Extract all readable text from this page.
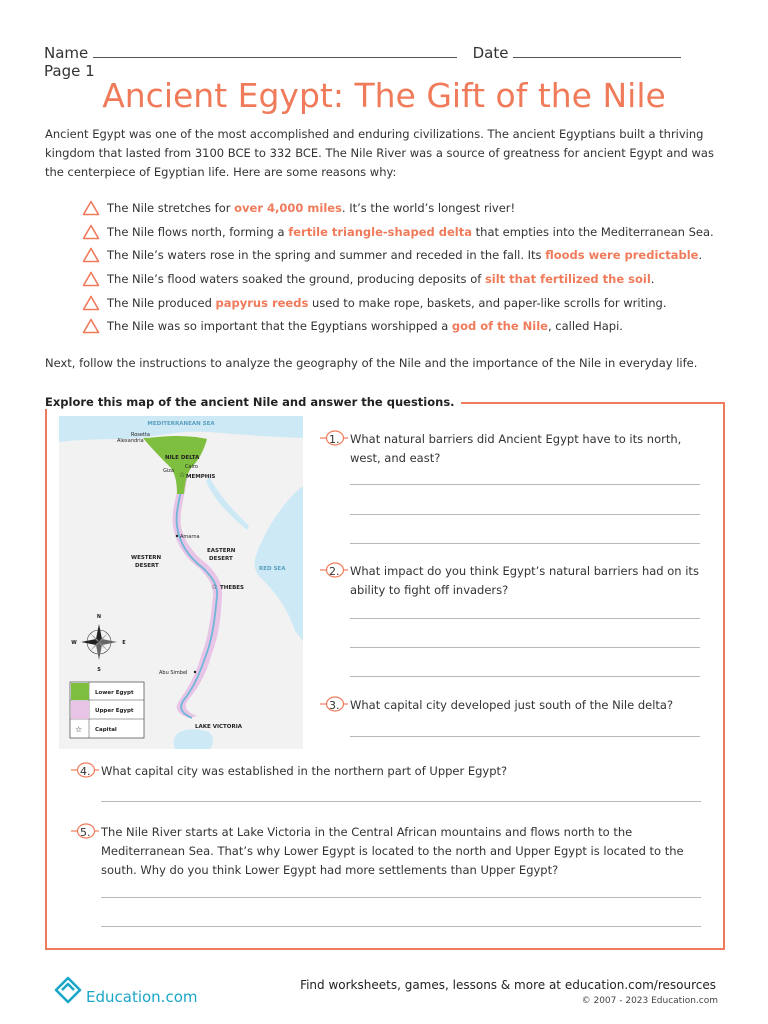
Name	Date   Page 1
Ancient Egypt: The Gift of the Nile
Ancient Egypt was one of the most accomplished and enduring civilizations. The ancient Egyptians built a thriving kingdom that lasted from 3100 BCE to 332 BCE. The Nile River was a source of greatness for ancient Egypt and was the centerpiece of Egyptian life. Here are some reasons why:
The Nile stretches for over 4,000 miles. It’s the world’s longest river!
The Nile flows north, forming a fertile triangle-shaped delta that empties into the Mediterranean Sea.
The Nile’s waters rose in the spring and summer and receded in the fall. Its floods were predictable.
The Nile’s flood waters soaked the ground, producing deposits of silt that fertilized the soil.
The Nile produced papyrus reeds used to make rope, baskets, and paper-like scrolls for writing.
The Nile was so important that the Egyptians worshipped a god of the Nile, called Hapi.
Next, follow the instructions to analyze the geography of the Nile and the importance of the Nile in everyday life.
Explore this map of the ancient Nile and answer the questions.
MEDITERRANEAN SEA
Rosetta
Alexandria
NILE DELTA
Giza
Cairo
MEMPHIS
☆
Amarna
WESTERN
DESERT
EASTERN
DESERT
RED SEA
☆ THEBES
Abu Simbel
LAKE VICTORIA
N
S
E
W
☆
Lower Egypt
Upper Egypt
Capital
1. What natural barriers did Ancient Egypt have to its north, west, and east?
2. What impact do you think Egypt’s natural barriers had on its ability to fight off invaders?
3. What capital city developed just south of the Nile delta?
4. What capital city was established in the northern part of Upper Egypt?
5. The Nile River starts at Lake Victoria in the Central African mountains and flows north to the Mediterranean Sea. That’s why Lower Egypt is located to the north and Upper Egypt is located to the south. Why do you think Lower Egypt had more settlements than Upper Egypt?
Education.com
Find worksheets, games, lessons & more at education.com/resources
© 2007 - 2023 Education.com
